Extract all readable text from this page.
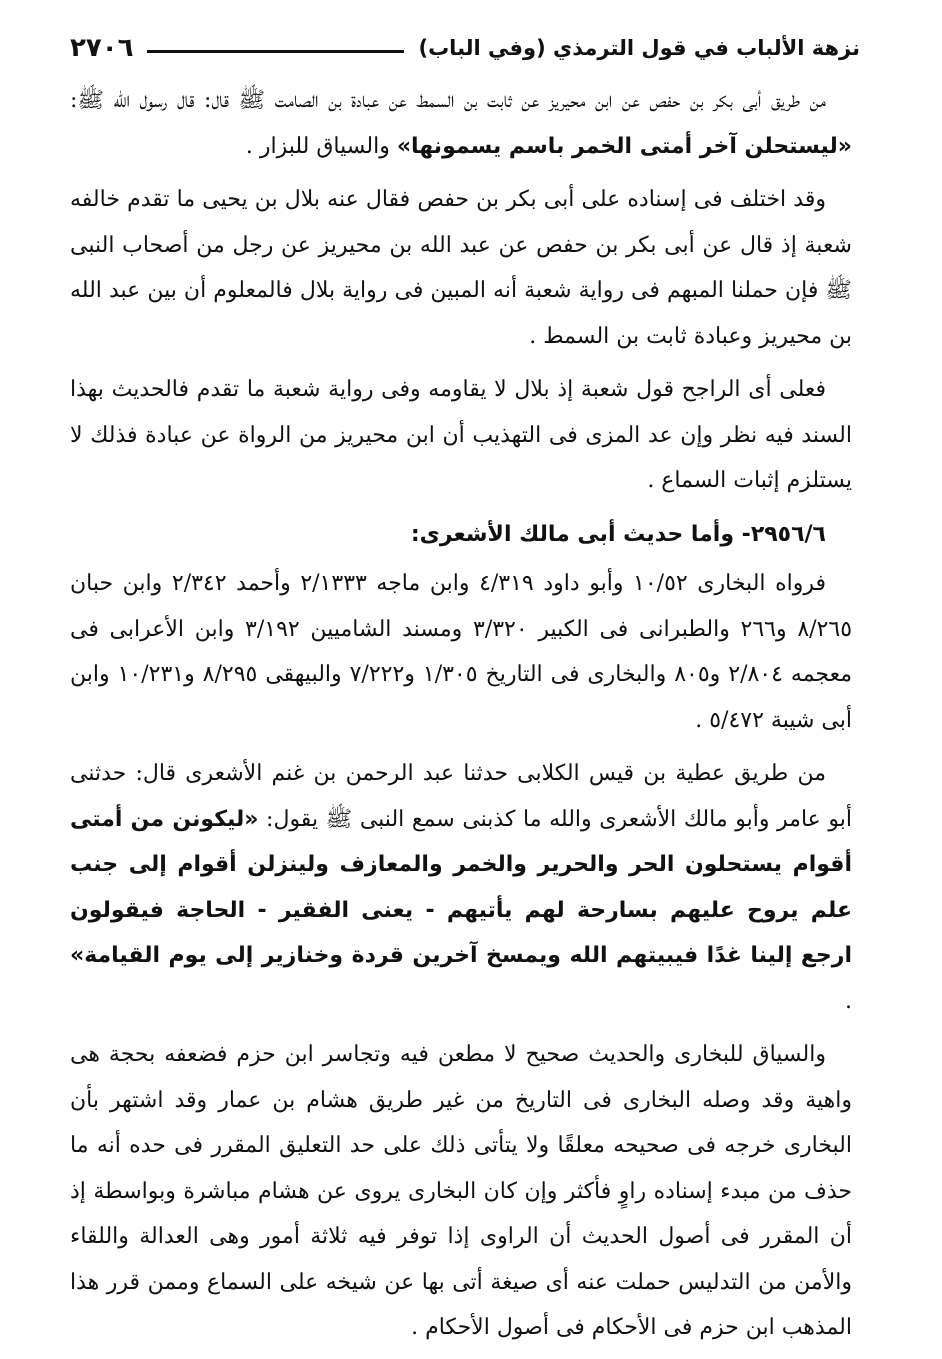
نزهة الألباب في قول الترمذي (وفي الباب)
٢٧٠٦

من طريق أبى بكر بن حفص عن ابن محيريز عن ثابت بن السمط عن عبادة بن الصامت ﷺ قال: قال رسول الله ﷺ: «ليستحلن آخر أمتى الخمر باسم يسمونها» والسياق للبزار .

وقد اختلف فى إسناده على أبى بكر بن حفص فقال عنه بلال بن يحيى ما تقدم خالفه شعبة إذ قال عن أبى بكر بن حفص عن عبد الله بن محيريز عن رجل من أصحاب النبى ﷺ فإن حملنا المبهم فى رواية شعبة أنه المبين فى رواية بلال فالمعلوم أن بين عبد الله بن محيريز وعبادة ثابت بن السمط .

فعلى أى الراجح قول شعبة إذ بلال لا يقاومه وفى رواية شعبة ما تقدم فالحديث بهذا السند فيه نظر وإن عد المزى فى التهذيب أن ابن محيريز من الرواة عن عبادة فذلك لا يستلزم إثبات السماع .

٢٩٥٦/٦- وأما حديث أبى مالك الأشعرى:

فرواه البخارى ١٠/٥٢ وأبو داود ٤/٣١٩ وابن ماجه ٢/١٣٣٣ وأحمد ٢/٣٤٢ وابن حبان ٨/٢٦٥ و٢٦٦ والطبرانى فى الكبير ٣/٣٢٠ ومسند الشاميين ٣/١٩٢ وابن الأعرابى فى معجمه ٢/٨٠٤ و٨٠٥ والبخارى فى التاريخ ١/٣٠٥ و٧/٢٢٢ والبيهقى ٨/٢٩٥ و١٠/٢٣١ وابن أبى شيبة ٥/٤٧٢ .

من طريق عطية بن قيس الكلابى حدثنا عبد الرحمن بن غنم الأشعرى قال: حدثنى أبو عامر وأبو مالك الأشعرى والله ما كذبنى سمع النبى ﷺ يقول: «ليكونن من أمتى أقوام يستحلون الحر والحرير والخمر والمعازف ولينزلن أقوام إلى جنب علم يروح عليهم بسارحة لهم يأتيهم - يعنى الفقير - الحاجة فيقولون ارجع إلينا غدًا فيبيتهم الله ويمسخ آخرين قردة وخنازير إلى يوم القيامة» .

والسياق للبخارى والحديث صحيح لا مطعن فيه وتجاسر ابن حزم فضعفه بحجة هى واهية وقد وصله البخارى فى التاريخ من غير طريق هشام بن عمار وقد اشتهر بأن البخارى خرجه فى صحيحه معلقًا ولا يتأتى ذلك على حد التعليق المقرر فى حده أنه ما حذف من مبدء إسناده راوٍ فأكثر وإن كان البخارى يروى عن هشام مباشرة وبواسطة إذ أن المقرر فى أصول الحديث أن الراوى إذا توفر فيه ثلاثة أمور وهى العدالة واللقاء والأمن من التدليس حملت عنه أى صيغة أتى بها عن شيخه على السماع وممن قرر هذا المذهب ابن حزم فى الأحكام فى أصول الأحكام .
